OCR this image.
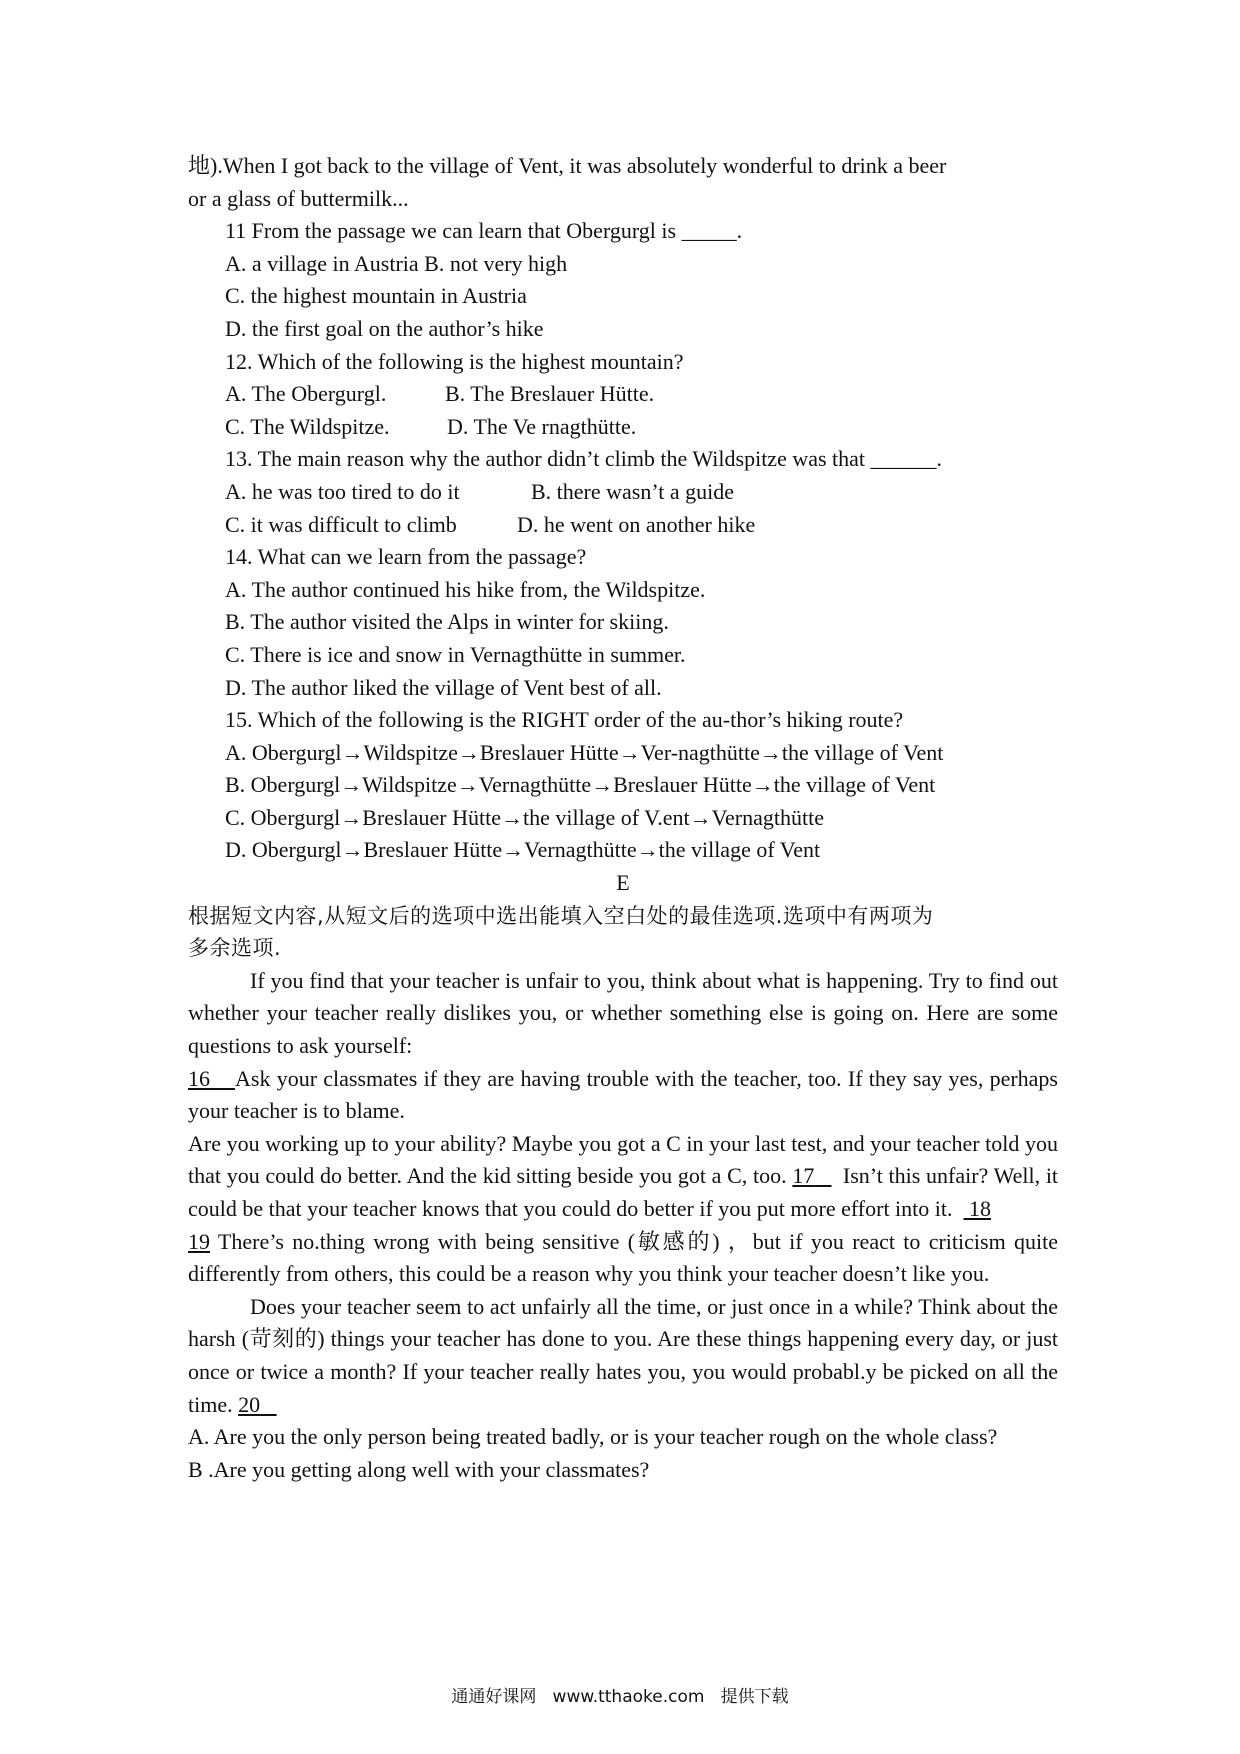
地).When I got back to the village of Vent, it was absolutely wonderful to drink a beer
or a glass of buttermilk...

11 From the passage we can learn that Obergurgl is _____.
A. a village in Austria B. not very high
C. the highest mountain in Austria
D. the first goal on the author’s hike
12. Which of the following is the highest mountain?
A. The Obergurgl.	B. The Breslauer Hütte.
C. The Wildspitze.	D. The Ve rnagthütte.
13. The main reason why the author didn’t climb the Wildspitze was that ______.
A. he was too tired to do it	B. there wasn’t a guide
C. it was difficult to climb	D. he went on another hike
14. What can we learn from the passage?
A. The author continued his hike from, the Wildspitze.
B. The author visited the Alps in winter for skiing.
C. There is ice and snow in Vernagthütte in summer.
D. The author liked the village of Vent best of all.
15. Which of the following is the RIGHT order of the au-thor’s hiking route?
A. Obergurgl→Wildspitze→Breslauer Hütte→Ver-nagthütte→the village of Vent
B. Obergurgl→Wildspitze→Vernagthütte→Breslauer Hütte→the village of Vent
C. Obergurgl→Breslauer Hütte→the village of V.ent→Vernagthütte
D. Obergurgl→Breslauer Hütte→Vernagthütte→the village of Vent
E
根据短文内容,从短文后的选项中选出能填入空白处的最佳选项.选项中有两项为
多余选项.

If you find that your teacher is unfair to you, think about what is happening. Try to find out whether your teacher really dislikes you, or whether something else is going on. Here are some questions to ask yourself:

16 Ask your classmates if they are having trouble with the teacher, too. If they say yes, perhaps your teacher is to blame.

Are you working up to your ability? Maybe you got a C in your last test, and your teacher told you that you could do better. And the kid sitting beside you got a C, too. 17 Isn’t this unfair? Well, it could be that your teacher knows that you could do better if you put more effort into it. 18

19 There’s no.thing wrong with being sensitive (敏感的) ，but if you react to criticism quite differently from others, this could be a reason why you think your teacher doesn’t like you.

Does your teacher seem to act unfairly all the time, or just once in a while? Think about the harsh (苛刻的) things your teacher has done to you. Are these things happening every day, or just once or twice a month? If your teacher really hates you, you would probabl.y be picked on all the time. 20

A. Are you the only person being treated badly, or is your teacher rough on the whole class?

B .Are you getting along well with your classmates?

通通好课网 www.tthaoke.com 提供下载
